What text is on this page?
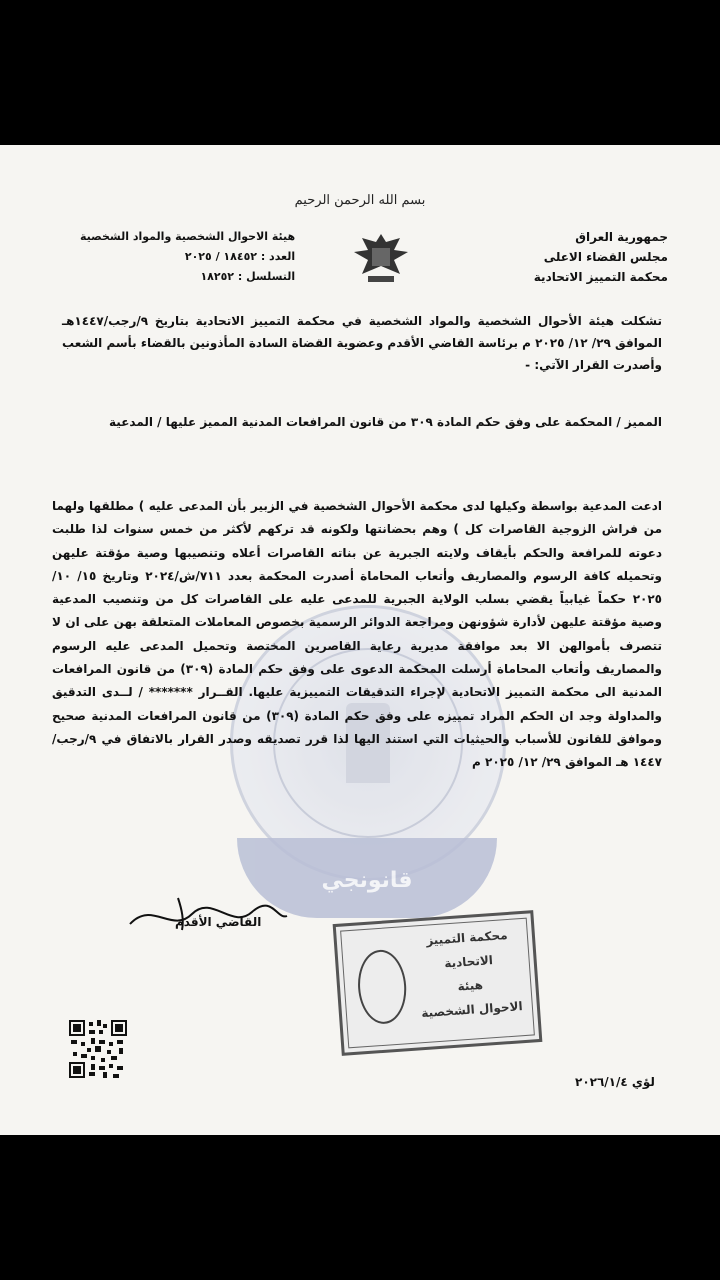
قانونجي
بسم الله الرحمن الرحيم
جمهورية العراق
مجلس القضاء الاعلى
محكمة التمييز الاتحادية
هيئة الاحوال الشخصية والمواد الشخصية
العدد : ١٨٤٥٢ / ٢٠٢٥
التسلسل : ١٨٢٥٢
تشكلت هيئة الأحوال الشخصية والمواد الشخصية في محكمة التمييز الاتحادية بتاريخ ٩/رجب/١٤٤٧هـ الموافق ٢٩/ ١٢/ ٢٠٢٥ م برئاسة القاضي الأقدم وعضوية القضاة السادة المأذونين بالقضاء بأسم الشعب وأصدرت القرار الآتي: -
المميز / المحكمة على وفق حكم المادة ٣٠٩ من قانون المرافعات المدنية المميز عليها / المدعية
ادعت المدعية بواسطة وكيلها لدى محكمة الأحوال الشخصية في الزبير بأن المدعى عليه ) مطلقها ولهما من فراش الزوجية القاصرات كل ) وهم بحضانتها ولكونه قد تركهم لأكثر من خمس سنوات لذا طلبت دعوته للمرافعة والحكم بأيقاف ولايته الجبرية عن بناته القاصرات أعلاه وتنصيبها وصية مؤقتة عليهن وتحميله كافة الرسوم والمصاريف وأتعاب المحاماة أصدرت المحكمة بعدد ٧١١/ش/٢٠٢٤ وتاريخ ١٥/ ١٠/ ٢٠٢٥ حكماً غيابياً يقضي بسلب الولاية الجبرية للمدعى عليه على القاصرات كل من وتنصيب المدعية وصية مؤقتة عليهن لأدارة شؤونهن ومراجعة الدوائر الرسمية بخصوص المعاملات المتعلقة بهن على ان لا تتصرف بأموالهن الا بعد موافقة مديرية رعاية القاصرين المختصة وتحميل المدعى عليه الرسوم والمصاريف وأتعاب المحاماة أرسلت المحكمة الدعوى على وفق حكم المادة (٣٠٩) من قانون المرافعات المدنية الى محكمة التمييز الاتحادية لإجراء التدقيقات التمييزية عليها. القــرار ******* / لــدى التدقيق والمداولة وجد ان الحكم المراد تمييزه على وفق حكم المادة (٣٠٩) من قانون المرافعات المدنية صحيح وموافق للقانون للأسباب والحيثيات التي استند اليها لذا قرر تصديقه وصدر القرار بالاتفاق في ٩/رجب/١٤٤٧ هـ الموافق ٢٩/ ١٢/ ٢٠٢٥ م
القاضي الأقدم
محكمة التمييز الاتحادية
هيئة
الاحوال الشخصية
لؤي ٢٠٢٦/١/٤
